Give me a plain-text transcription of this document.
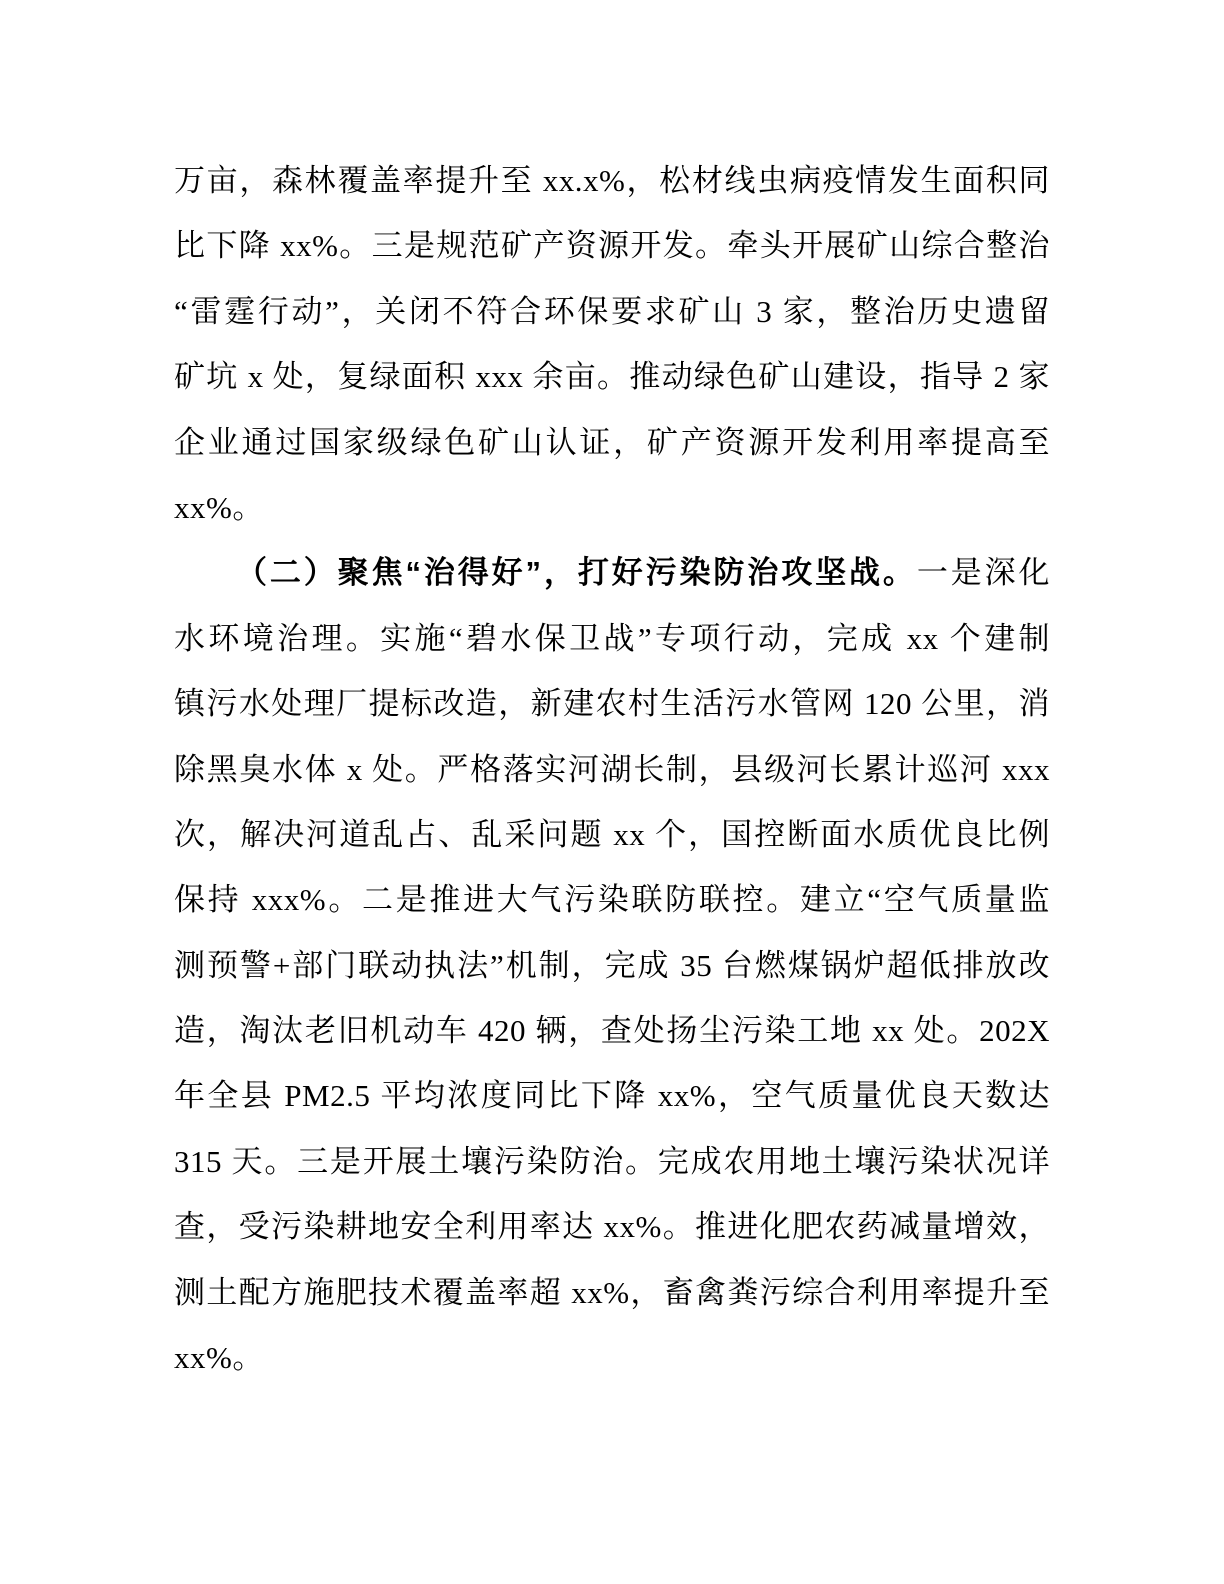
万亩，森林覆盖率提升至 xx.x%，松材线虫病疫情发生面积同
比下降 xx%。三是规范矿产资源开发。牵头开展矿山综合整治
“雷霆行动”，关闭不符合环保要求矿山 3 家，整治历史遗留
矿坑 x 处，复绿面积 xxx 余亩。推动绿色矿山建设，指导 2 家
企业通过国家级绿色矿山认证，矿产资源开发利用率提高至
xx%。
（二）聚焦“治得好”，打好污染防治攻坚战。一是深化
水环境治理。实施“碧水保卫战”专项行动，完成 xx 个建制
镇污水处理厂提标改造，新建农村生活污水管网 120 公里，消
除黑臭水体 x 处。严格落实河湖长制，县级河长累计巡河 xxx
次，解决河道乱占、乱采问题 xx 个，国控断面水质优良比例
保持 xxx%。二是推进大气污染联防联控。建立“空气质量监
测预警+部门联动执法”机制，完成 35 台燃煤锅炉超低排放改
造，淘汰老旧机动车 420 辆，查处扬尘污染工地 xx 处。202X
年全县 PM2.5 平均浓度同比下降 xx%，空气质量优良天数达
315 天。三是开展土壤污染防治。完成农用地土壤污染状况详
查，受污染耕地安全利用率达 xx%。推进化肥农药减量增效，
测土配方施肥技术覆盖率超 xx%，畜禽粪污综合利用率提升至
xx%。
